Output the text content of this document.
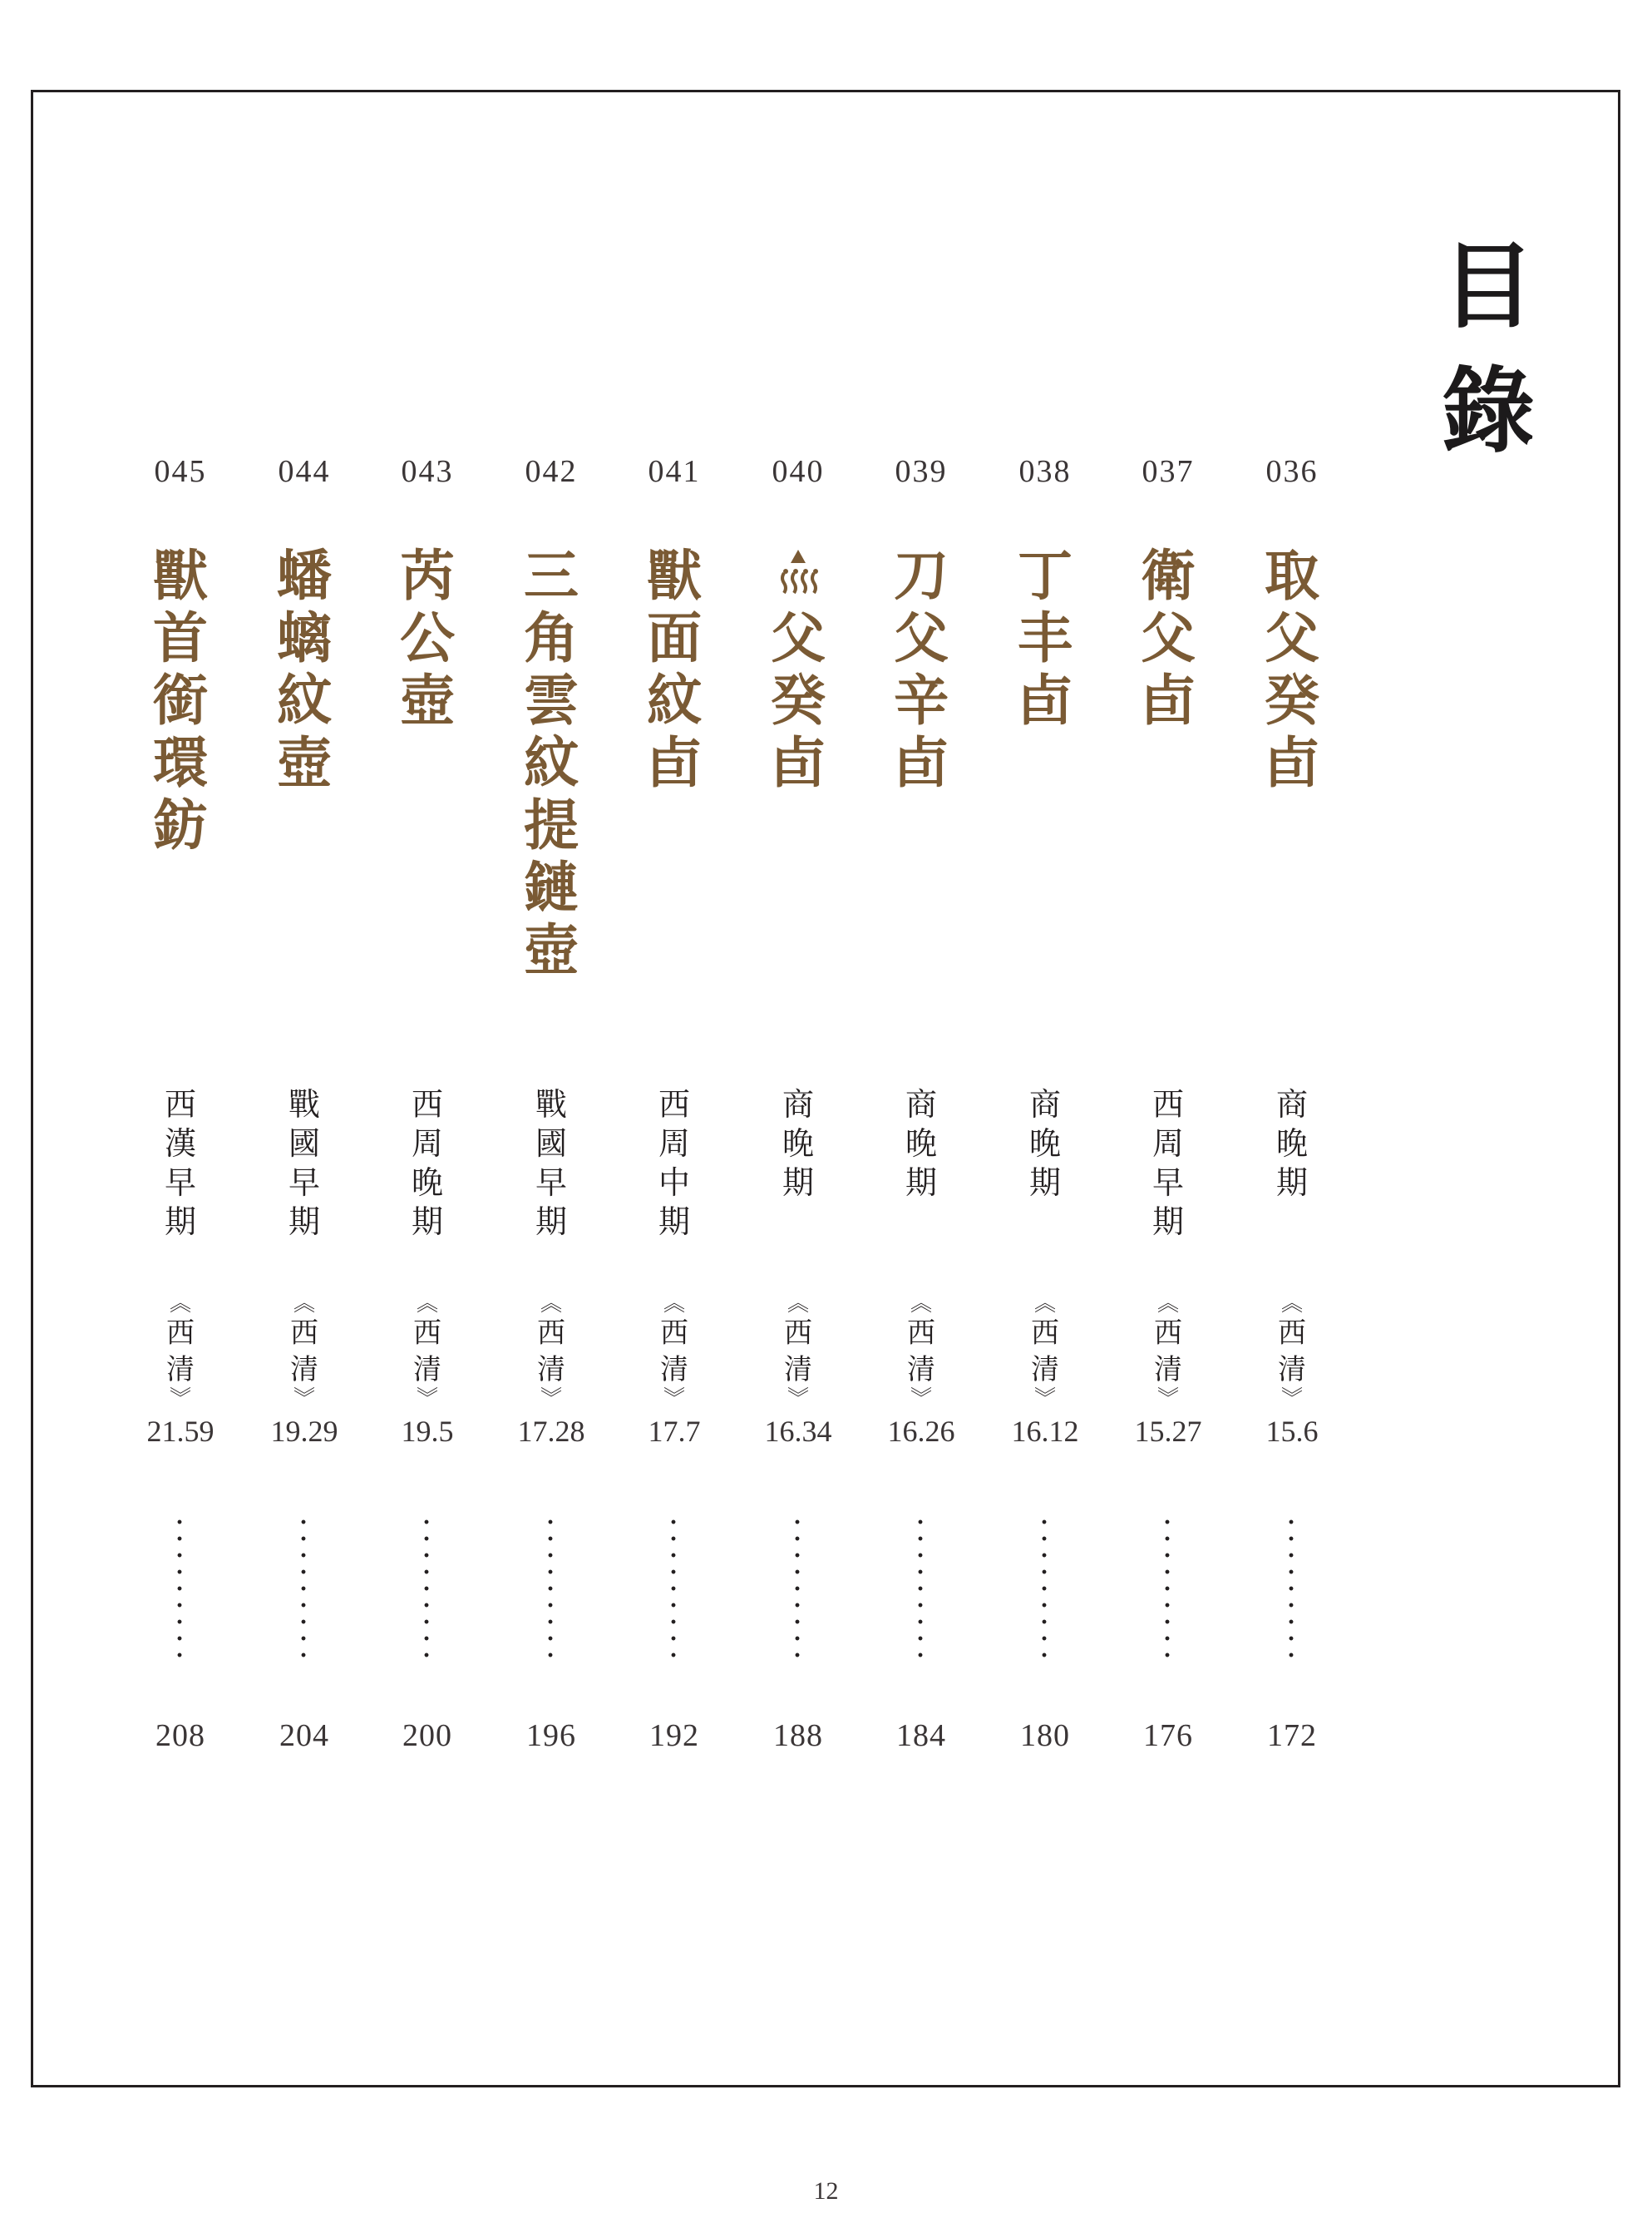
目
錄
036
取
父
癸
卣
商
晚
期
︽
西
清
︾
15.6
172
037
衛
父
卣
西
周
早
期
︽
西
清
︾
15.27
176
038
丁
丰
卣
商
晚
期
︽
西
清
︾
16.12
180
039
刀
父
辛
卣
商
晚
期
︽
西
清
︾
16.26
184
040
父
癸
卣
商
晚
期
︽
西
清
︾
16.34
188
041
獸
面
紋
卣
西
周
中
期
︽
西
清
︾
17.7
192
042
三
角
雲
紋
提
鏈
壺
戰
國
早
期
︽
西
清
︾
17.28
196
043
芮
公
壺
西
周
晚
期
︽
西
清
︾
19.5
200
044
蟠
螭
紋
壺
戰
國
早
期
︽
西
清
︾
19.29
204
045
獸
首
銜
環
鈁
西
漢
早
期
︽
西
清
︾
21.59
208
12
